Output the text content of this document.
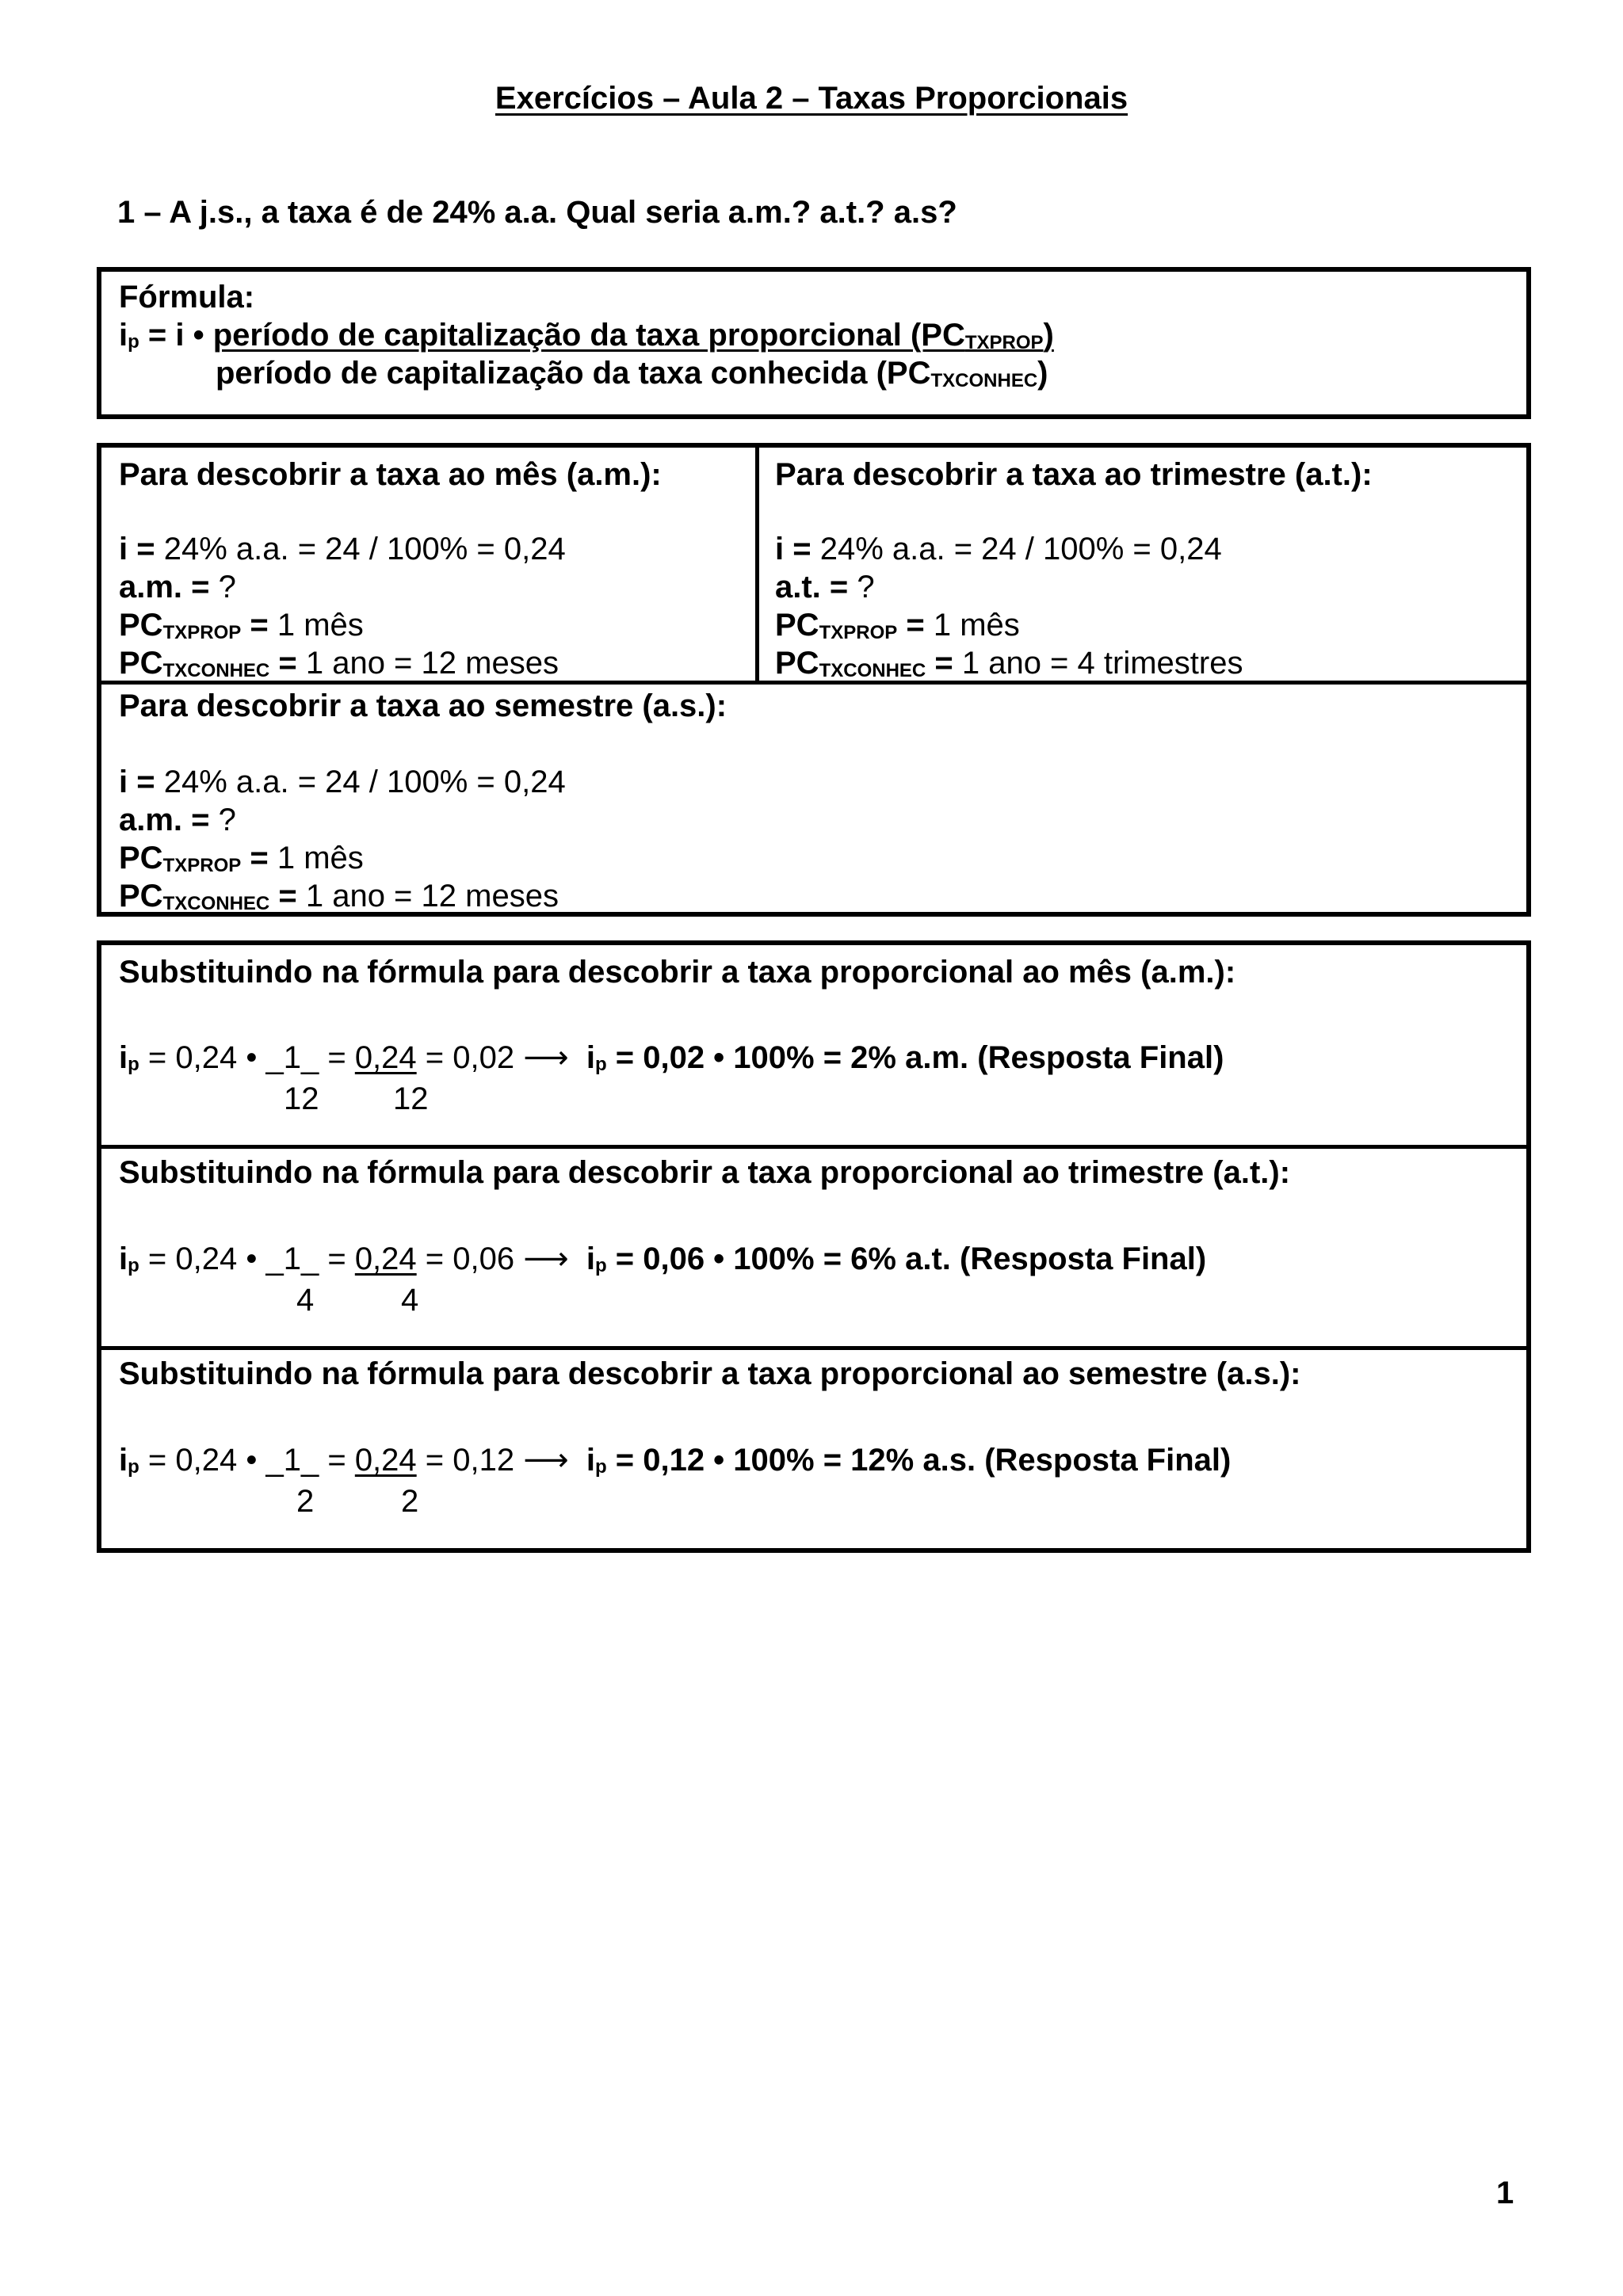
Exercícios – Aula 2 – Taxas Proporcionais
1 – A j.s., a taxa é de 24% a.a. Qual seria a.m.? a.t.? a.s?
Fórmula:
$i_p = i$ • período de capitalização da taxa proporcional (PCTXPROP)
período de capitalização da taxa conhecida (PCTXCONHEC)
Para descobrir a taxa ao mês (a.m.):
i = 24% a.a. = 24 / 100% = 0,24
a.m. = ?
PCTXPROP = 1 mês
PCTXCONHEC = 1 ano = 12 meses
Para descobrir a taxa ao trimestre (a.t.):
i = 24% a.a. = 24 / 100% = 0,24
a.t. = ?
PCTXPROP = 1 mês
PCTXCONHEC = 1 ano = 4 trimestres
Para descobrir a taxa ao semestre (a.s.):
i = 24% a.a. = 24 / 100% = 0,24
a.m. = ?
PCTXPROP = 1 mês
PCTXCONHEC = 1 ano = 12 meses
Substituindo na fórmula para descobrir a taxa proporcional ao mês (a.m.):
$i_p = 0,24$ • _1_ = 0,24 = 0,02 ⟶ $i_p = 0,02$ • 100% = 2% a.m. (Resposta Final)
12 12
Substituindo na fórmula para descobrir a taxa proporcional ao trimestre (a.t.):
$i_p = 0,24$ • _1_ = 0,24 = 0,06 ⟶ $i_p = 0,06$ • 100% = 6% a.t. (Resposta Final)
4	4
Substituindo na fórmula para descobrir a taxa proporcional ao semestre (a.s.):
$i_p = 0,24$ • _1_ = 0,24 = 0,12 ⟶ $i_p = 0,12$ • 100% = 12% a.s. (Resposta Final)
2	2
1
